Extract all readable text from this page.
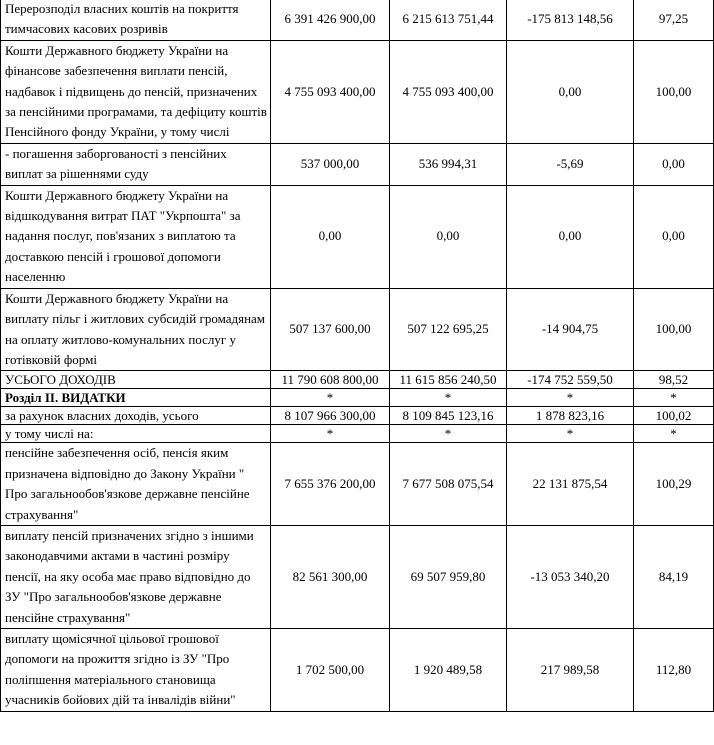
Перерозподіл власних коштів на покриття тимчасових касових розривів	6 391 426 900,00	6 215 613 751,44	-175 813 148,56	97,25
Кошти Державного бюджету України на фінансове забезпечення виплати пенсій, надбавок і підвищень до пенсій, призначених за пенсійними програмами, та дефіциту коштів Пенсійного фонду України, у тому числі	4 755 093 400,00	4 755 093 400,00	0,00	100,00
- погашення заборгованості з пенсійних виплат за рішеннями суду	537 000,00	536 994,31	-5,69	0,00
Кошти Державного бюджету України на відшкодування витрат ПАТ "Укрпошта" за надання послуг, пов'язаних з виплатою та доставкою пенсій і грошової допомоги населенню	0,00	0,00	0,00	0,00
Кошти Державного бюджету України на виплату пільг і житлових субсидій громадянам на оплату житлово-комунальних послуг у готівковій формі	507 137 600,00	507 122 695,25	-14 904,75	100,00
УСЬОГО ДОХОДІВ	11 790 608 800,00	11 615 856 240,50	-174 752 559,50	98,52
Розділ ІІ. ВИДАТКИ	*	*	*	*
за рахунок власних доходів, усього	8 107 966 300,00	8 109 845 123,16	1 878 823,16	100,02
у тому числі на:	*	*	*	*
пенсійне забезпечення осіб, пенсія яким призначена відповідно до Закону України " Про загальнообов'язкове державне пенсійне страхування"	7 655 376 200,00	7 677 508 075,54	22 131 875,54	100,29
виплату пенсій призначених згідно з іншими законодавчими актами в частині розміру пенсії, на яку особа має право відповідно до ЗУ "Про загальнообов'язкове державне пенсійне страхування"	82 561 300,00	69 507 959,80	-13 053 340,20	84,19
виплату щомісячної цільової грошової допомоги на прожиття згідно із ЗУ "Про поліпшення матеріального становища учасників бойових дій та інвалідів війни"	1 702 500,00	1 920 489,58	217 989,58	112,80
